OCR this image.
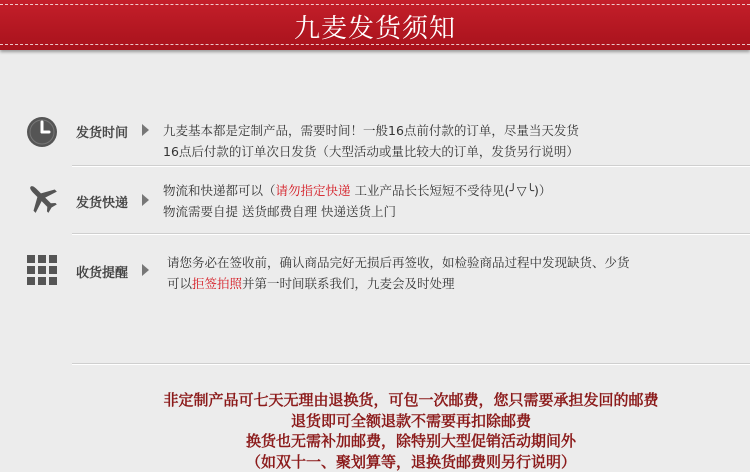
九麦发货须知
发货时间	九麦基本都是定制产品，需要时间！一般16点前付款的订单，尽量当天发货
16点后付款的订单次日发货（大型活动或量比较大的订单，发货另行说明）
发货快递
物流和快递都可以（请勿指定快递 工业产品长长短短不受待见(╯▽╰)）
物流需要自提 送货邮费自理 快递送货上门
收货提醒
请您务必在签收前，确认商品完好无损后再签收，如检验商品过程中发现缺货、少货
可以拒签拍照并第一时间联系我们，九麦会及时处理
非定制产品可七天无理由退换货，可包一次邮费，您只需要承担发回的邮费
退货即可全额退款不需要再扣除邮费
换货也无需补加邮费，除特别大型促销活动期间外
（如双十一、聚划算等，退换货邮费则另行说明）
